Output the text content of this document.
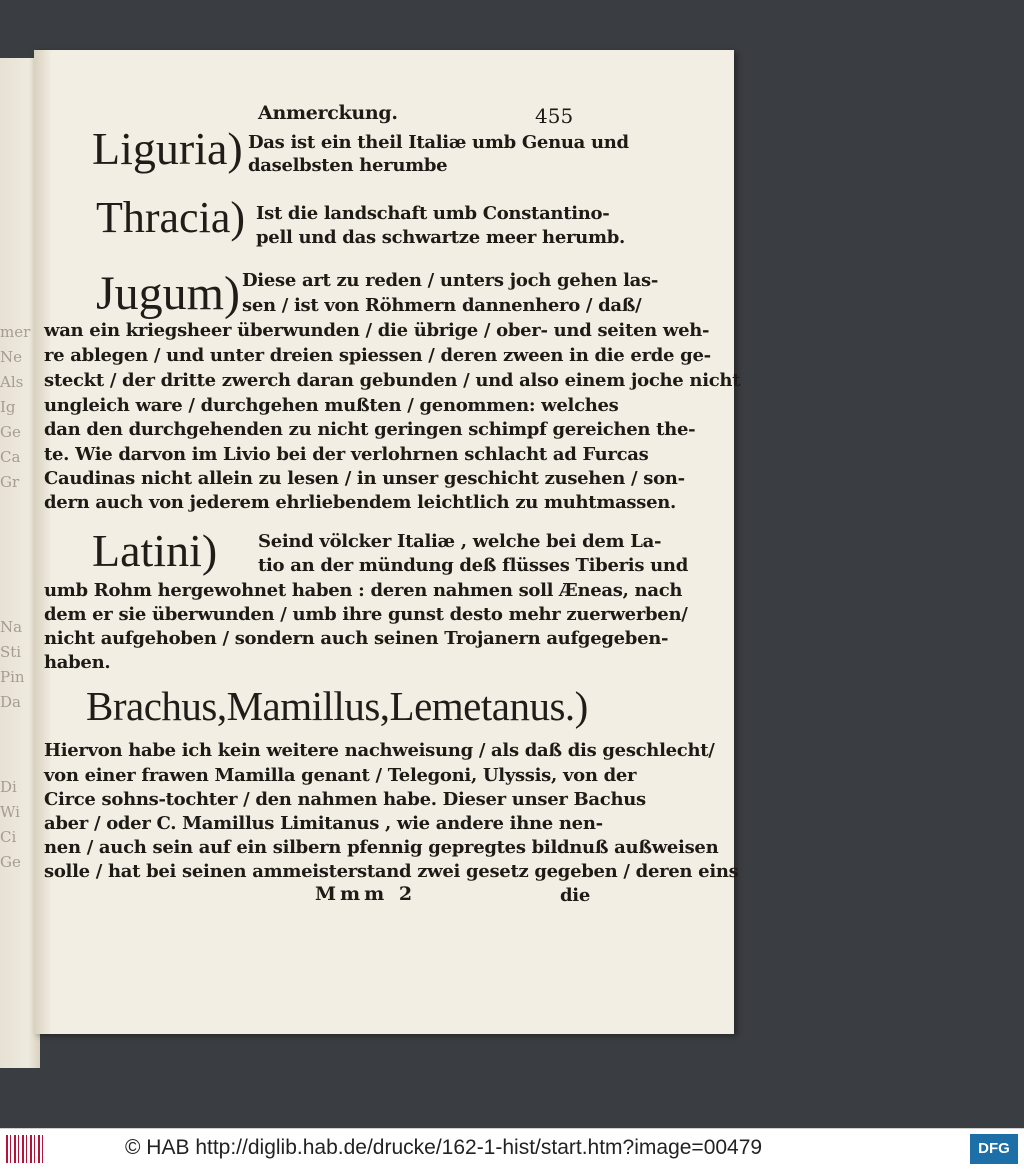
mer
Ne
Als
Ig
Ge
Ca
Gr
Na
Sti
Pin
Da
Di
Wi
Ci
Ge
Anmerckung.	455
Liguria) Das ist ein theil Italiæ umb Genua und
daselbsten herumbe
Thracia) Ist die landschaft umb Constantino-
pell und das schwartze meer herumb.
Jugum) Diese art zu reden / unters joch gehen las-
sen / ist von Röhmern dannenhero / daß/
wan ein kriegsheer überwunden / die übrige / ober- und seiten weh-
re ablegen / und unter dreien spiessen / deren zween in die erde ge-
steckt / der dritte zwerch daran gebunden / und also einem joche nicht
ungleich ware / durchgehen mußten / genommen: welches
dan den durchgehenden zu nicht geringen schimpf gereichen the-
te. Wie darvon im Livio bei der verlohrnen schlacht ad Furcas
Caudinas nicht allein zu lesen / in unser geschicht zusehen / son-
dern auch von jederem ehrliebendem leichtlich zu muhtmassen.
Latini) Seind völcker Italiæ , welche bei dem La-
tio an der mündung deß flüsses Tiberis und
umb Rohm hergewohnet haben : deren nahmen soll Æneas, nach
dem er sie überwunden / umb ihre gunst desto mehr zuerwerben/
nicht aufgehoben / sondern auch seinen Trojanern aufgegeben-
haben.
Brachus,Mamillus,Lemetanus.)
Hiervon habe ich kein weitere nachweisung / als daß dis geschlecht/
von einer frawen Mamilla genant / Telegoni, Ulyssis, von der
Circe sohns-tochter / den nahmen habe. Dieser unser Bachus
aber / oder C. Mamillus Limitanus , wie andere ihne nen-
nen / auch sein auf ein silbern pfennig gepregtes bildnuß außweisen
solle / hat bei seinen ammeisterstand zwei gesetz gegeben / deren eins
Mmm 2	die
© HAB http://diglib.hab.de/drucke/162-1-hist/start.htm?image=00479	DFG
